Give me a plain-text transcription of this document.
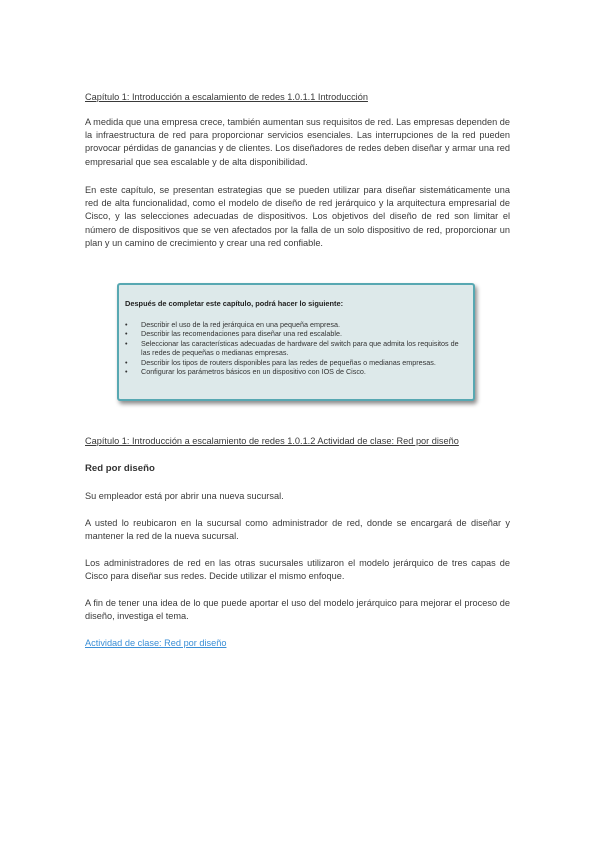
Capítulo 1: Introducción a escalamiento de redes 1.0.1.1 Introducción

A medida que una empresa crece, también aumentan sus requisitos de red. Las empresas dependen de la infraestructura de red para proporcionar servicios esenciales. Las interrupciones de la red pueden provocar pérdidas de ganancias y de clientes. Los diseñadores de redes deben diseñar y armar una red empresarial que sea escalable y de alta disponibilidad.

En este capítulo, se presentan estrategias que se pueden utilizar para diseñar sistemáticamente una red de alta funcionalidad, como el modelo de diseño de red jerárquico y la arquitectura empresarial de Cisco, y las selecciones adecuadas de dispositivos. Los objetivos del diseño de red son limitar el número de dispositivos que se ven afectados por la falla de un solo dispositivo de red, proporcionar un plan y un camino de crecimiento y crear una red confiable.

Después de completar este capítulo, podrá hacer lo siguiente:
• Describir el uso de la red jerárquica en una pequeña empresa.
• Describir las recomendaciones para diseñar una red escalable.
• Seleccionar las características adecuadas de hardware del switch para que admita los requisitos de las redes de pequeñas o medianas empresas.
• Describir los tipos de routers disponibles para las redes de pequeñas o medianas empresas.
• Configurar los parámetros básicos en un dispositivo con IOS de Cisco.
Capítulo 1: Introducción a escalamiento de redes 1.0.1.2 Actividad de clase: Red por diseño
Red por diseño

Su empleador está por abrir una nueva sucursal.

A usted lo reubicaron en la sucursal como administrador de red, donde se encargará de diseñar y mantener la red de la nueva sucursal.

Los administradores de red en las otras sucursales utilizaron el modelo jerárquico de tres capas de Cisco para diseñar sus redes. Decide utilizar el mismo enfoque.

A fin de tener una idea de lo que puede aportar el uso del modelo jerárquico para mejorar el proceso de diseño, investiga el tema.

Actividad de clase: Red por diseño
